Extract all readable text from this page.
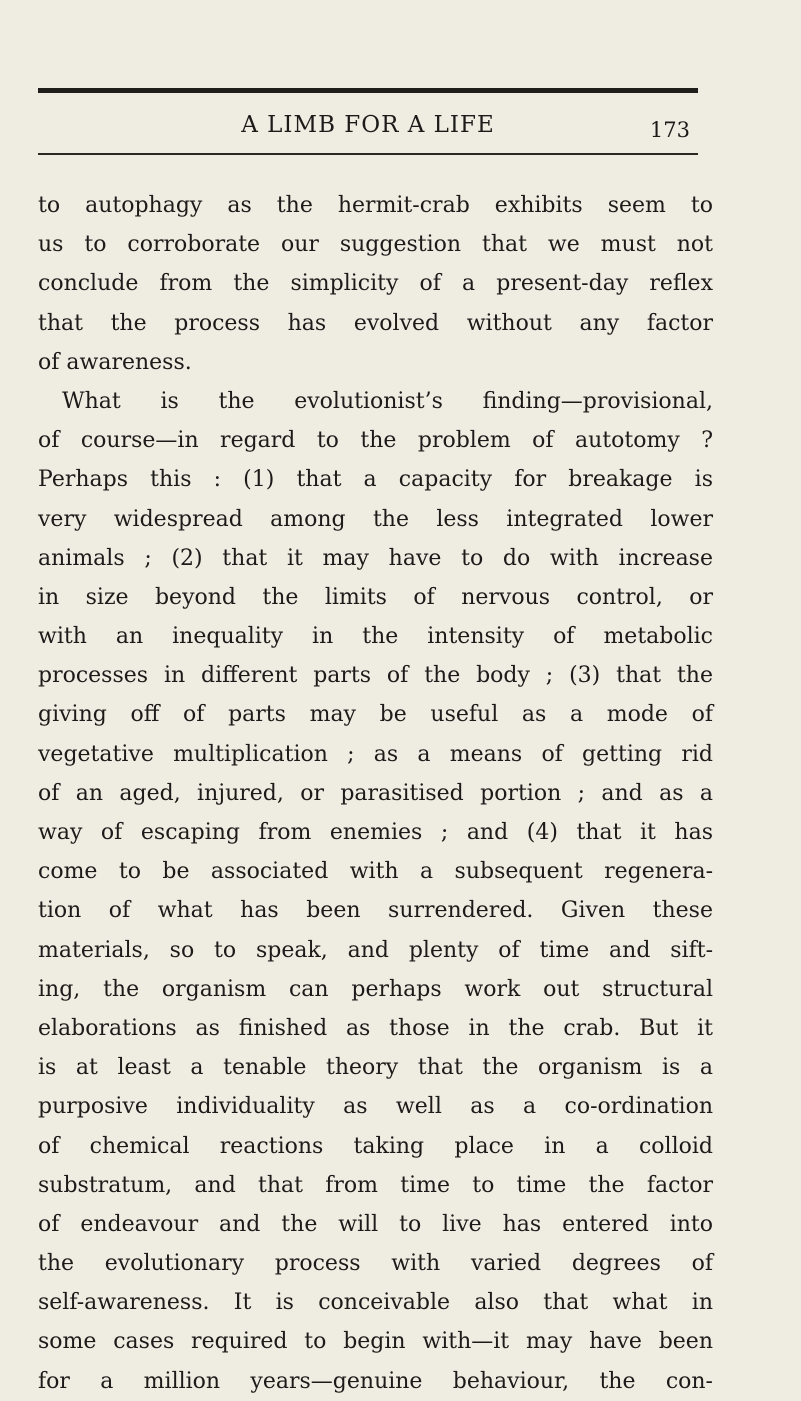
A LIMB FOR A LIFE	173
to autophagy as the hermit-crab exhibits seem to
us to corroborate our suggestion that we must not
conclude from the simplicity of a present-day reflex
that the process has evolved without any factor
of awareness.
What is the evolutionist’s finding—provisional,
of course—in regard to the problem of autotomy ?
Perhaps this : (1) that a capacity for breakage is
very widespread among the less integrated lower
animals ; (2) that it may have to do with increase
in size beyond the limits of nervous control, or
with an inequality in the intensity of metabolic
processes in different parts of the body ; (3) that the
giving off of parts may be useful as a mode of
vegetative multiplication ; as a means of getting rid
of an aged, injured, or parasitised portion ; and as a
way of escaping from enemies ; and (4) that it has
come to be associated with a subsequent regenera-
tion of what has been surrendered. Given these
materials, so to speak, and plenty of time and sift-
ing, the organism can perhaps work out structural
elaborations as finished as those in the crab. But it
is at least a tenable theory that the organism is a
purposive individuality as well as a co-ordination
of chemical reactions taking place in a colloid
substratum, and that from time to time the factor
of endeavour and the will to live has entered into
the evolutionary process with varied degrees of
self-awareness. It is conceivable also that what in
some cases required to begin with—it may have been
for a million years—genuine behaviour, the con-
